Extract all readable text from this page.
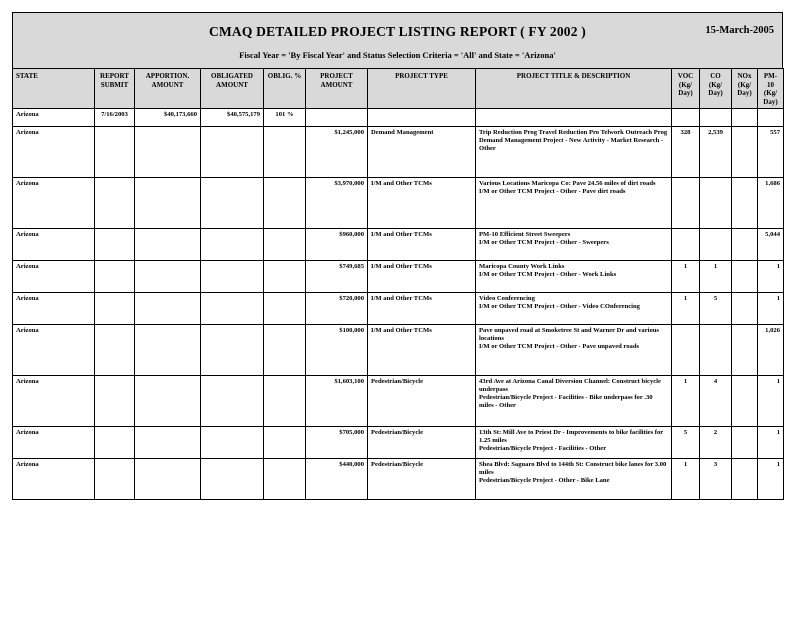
CMAQ DETAILED PROJECT LISTING REPORT ( FY 2002 )	15-March-2005
Fiscal Year = 'By Fiscal Year' and Status Selection Criteria = 'All' and State = 'Arizona'
STATE	REPORT SUBMIT	APPORTION. AMOUNT	OBLIGATED AMOUNT	OBLIG. %	PROJECT AMOUNT	PROJECT TYPE	PROJECT TITLE & DESCRIPTION	VOC (Kg/ Day)	CO (Kg/ Day)	NOx (Kg/ Day)	PM-10 (Kg/ Day)
Arizona	7/16/2003	$40,173,660	$40,575,179	101 %							
Arizona					$1,245,000	Demand Management	Trip Reduction Prog Travel Reduction Pro Telwork Outreach Prog
Demand Management Project - New Activity - Market Research - Other	328	2,539		557
Arizona					$3,970,000	I/M and Other TCMs	Various Locations Maricopa Co: Pave 24.56 miles of dirt roads
I/M or Other TCM Project - Other - Pave dirt roads				1,686
Arizona					$960,000	I/M and Other TCMs	PM-10 Efficient Street Sweepers
I/M or Other TCM Project - Other - Sweepers				5,044
Arizona					$749,685	I/M and Other TCMs	Maricopa County Work Links
I/M or Other TCM Project - Other - Work Links	1	1		1
Arizona					$720,000	I/M and Other TCMs	Video Conferencing
I/M or Other TCM Project - Other - Video COnferencing	1	5		1
Arizona					$100,000	I/M and Other TCMs	Pave unpaved road at Smoketree St and Warner Dr and various locations
I/M or Other TCM Project - Other - Pave unpaved roads				1,026
Arizona					$1,603,100	Pedestrian/Bicycle	43rd Ave at Arizona Canal Diversion Channel: Construct bicycle underpass
Pedestrian/Bicycle Project - Facilities - Bike underpass for .30 miles - Other	1	4		1
Arizona					$705,000	Pedestrian/Bicycle	13th St: Mill Ave to Priest Dr - Improvements to bike facilities for 1.25 miles
Pedestrian/Bicycle Project - Facilities - Other	5	2		1
Arizona					$440,000	Pedestrian/Bicycle	Shea Blvd: Saguaro Blvd to 144th St: Construct bike lanes for 3.00 miles
Pedestrian/Bicycle Project - Other - Bike Lane	1	3		1
